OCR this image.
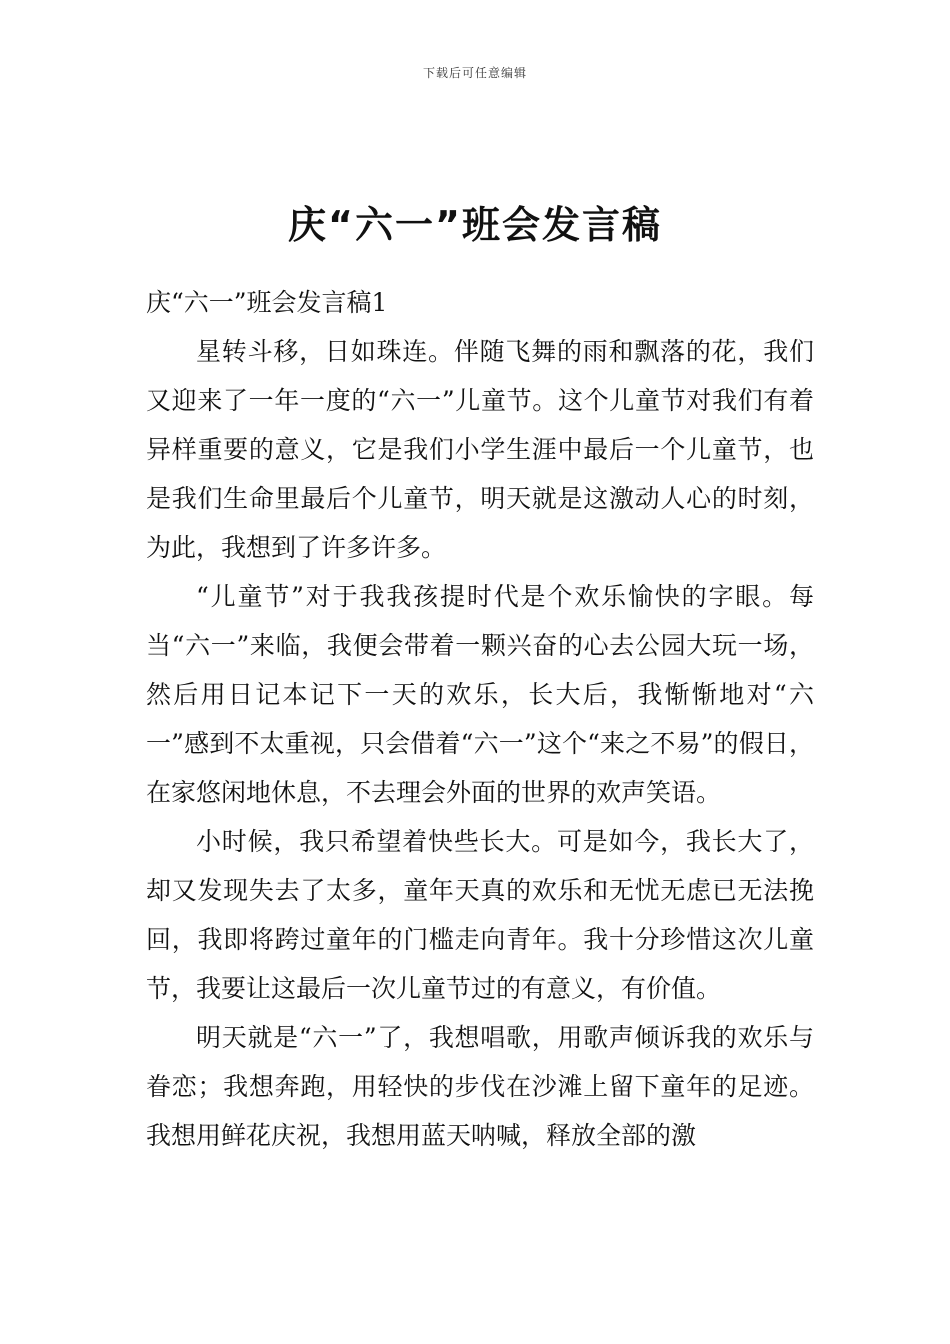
下载后可任意编辑
庆“六一”班会发言稿

庆“六一”班会发言稿1

星转斗移，日如珠连。伴随飞舞的雨和飘落的花，我们又迎来了一年一度的“六一”儿童节。这个儿童节对我们有着异样重要的意义，它是我们小学生涯中最后一个儿童节，也是我们生命里最后个儿童节，明天就是这激动人心的时刻，为此，我想到了许多许多。

“儿童节”对于我我孩提时代是个欢乐愉快的字眼。每当“六一”来临，我便会带着一颗兴奋的心去公园大玩一场，然后用日记本记下一天的欢乐，长大后，我惭惭地对“六一”感到不太重视，只会借着“六一”这个“来之不易”的假日，在家悠闲地休息，不去理会外面的世界的欢声笑语。

小时候，我只希望着快些长大。可是如今，我长大了，却又发现失去了太多，童年天真的欢乐和无忧无虑已无法挽回，我即将跨过童年的门槛走向青年。我十分珍惜这次儿童节，我要让这最后一次儿童节过的有意义，有价值。

明天就是“六一”了，我想唱歌，用歌声倾诉我的欢乐与眷恋；我想奔跑，用轻快的步伐在沙滩上留下童年的足迹。我想用鲜花庆祝，我想用蓝天呐喊，释放全部的激
